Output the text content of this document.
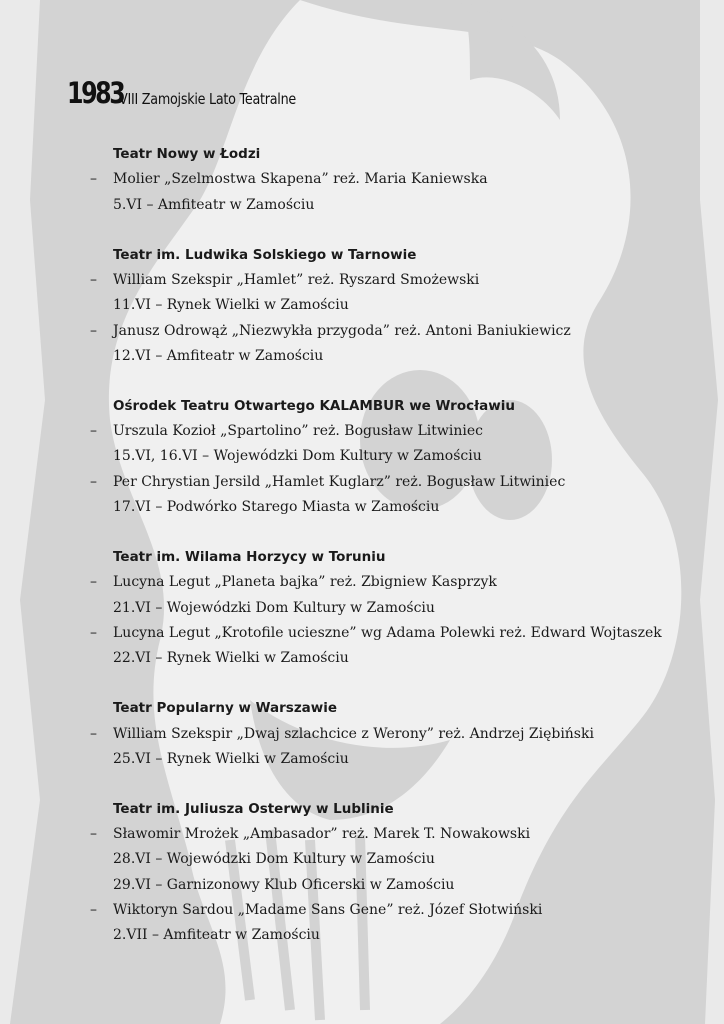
1983
VIII Zamojskie Lato Teatralne
Teatr Nowy w Łodzi
– Molier „Szelmostwa Skapena” reż. Maria Kaniewska
5.VI – Amfiteatr w Zamościu
Teatr im. Ludwika Solskiego w Tarnowie
– William Szekspir „Hamlet” reż. Ryszard Smożewski
11.VI – Rynek Wielki w Zamościu
– Janusz Odrowąż „Niezwykła przygoda” reż. Antoni Baniukiewicz
12.VI – Amfiteatr w Zamościu
Ośrodek Teatru Otwartego KALAMBUR we Wrocławiu
– Urszula Kozioł „Spartolino” reż. Bogusław Litwiniec
15.VI, 16.VI – Wojewódzki Dom Kultury w Zamościu
– Per Chrystian Jersild „Hamlet Kuglarz” reż. Bogusław Litwiniec
17.VI – Podwórko Starego Miasta w Zamościu
Teatr im. Wilama Horzycy w Toruniu
– Lucyna Legut „Planeta bajka” reż. Zbigniew Kasprzyk
21.VI – Wojewódzki Dom Kultury w Zamościu
– Lucyna Legut „Krotofile ucieszne” wg Adama Polewki reż. Edward Wojtaszek
22.VI – Rynek Wielki w Zamościu
Teatr Popularny w Warszawie
– William Szekspir „Dwaj szlachcice z Werony” reż. Andrzej Ziębiński
25.VI – Rynek Wielki w Zamościu
Teatr im. Juliusza Osterwy w Lublinie
– Sławomir Mrożek „Ambasador” reż. Marek T. Nowakowski
28.VI – Wojewódzki Dom Kultury w Zamościu
29.VI – Garnizonowy Klub Oficerski w Zamościu
– Wiktoryn Sardou „Madame Sans Gene” reż. Józef Słotwiński
2.VII – Amfiteatr w Zamościu
